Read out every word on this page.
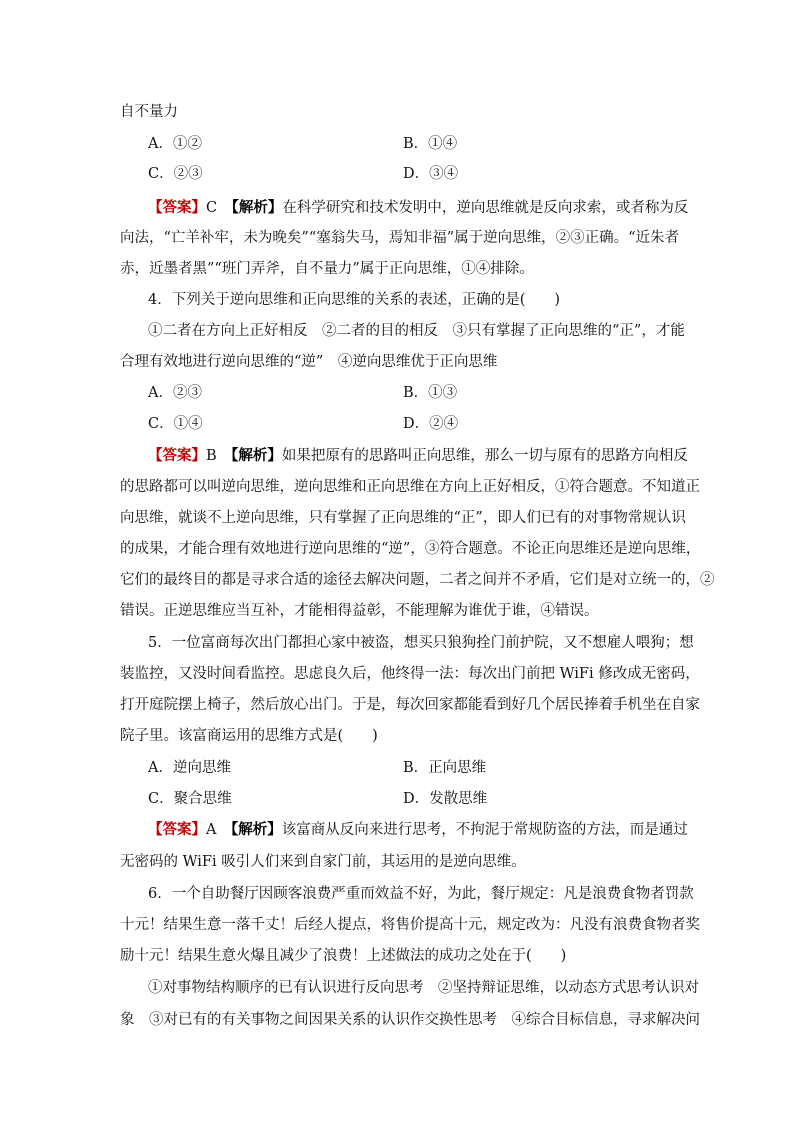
自不量力
A．①②	B．①④
C．②③	D．③④
【答案】C　 【解析】在科学研究和技术发明中，逆向思维就是反向求索，或者称为反
向法，“亡羊补牢，未为晚矣”“塞翁失马，焉知非福”属于逆向思维，②③正确。“近朱者
赤，近墨者黑”“班门弄斧，自不量力”属于正向思维，①④排除。
4．下列关于逆向思维和正向思维的关系的表述，正确的是(　　)
①二者在方向上正好相反　②二者的目的相反　③只有掌握了正向思维的“正”，才能
合理有效地进行逆向思维的“逆”　④逆向思维优于正向思维
A．②③	B．①③
C．①④	D．②④
【答案】B　 【解析】如果把原有的思路叫正向思维，那么一切与原有的思路方向相反
的思路都可以叫逆向思维，逆向思维和正向思维在方向上正好相反，①符合题意。不知道正
向思维，就谈不上逆向思维，只有掌握了正向思维的“正”，即人们已有的对事物常规认识
的成果，才能合理有效地进行逆向思维的“逆”，③符合题意。不论正向思维还是逆向思维，
它们的最终目的都是寻求合适的途径去解决问题，二者之间并不矛盾，它们是对立统一的，②
错误。正逆思维应当互补，才能相得益彰，不能理解为谁优于谁，④错误。
5．一位富商每次出门都担心家中被盗，想买只狼狗拴门前护院，又不想雇人喂狗；想
装监控，又没时间看监控。思虑良久后，他终得一法：每次出门前把 WiFi 修改成无密码，
打开庭院摆上椅子，然后放心出门。于是，每次回家都能看到好几个居民捧着手机坐在自家
院子里。该富商运用的思维方式是(　　)
A．逆向思维	B．正向思维
C．聚合思维	D．发散思维
【答案】A　 【解析】该富商从反向来进行思考，不拘泥于常规防盗的方法，而是通过
无密码的 WiFi 吸引人们来到自家门前，其运用的是逆向思维。
6．一个自助餐厅因顾客浪费严重而效益不好，为此，餐厅规定：凡是浪费食物者罚款
十元！结果生意一落千丈！后经人提点，将售价提高十元，规定改为：凡没有浪费食物者奖
励十元！结果生意火爆且减少了浪费！上述做法的成功之处在于(　　)
①对事物结构顺序的已有认识进行反向思考　②坚持辩证思维，以动态方式思考认识对
象　③对已有的有关事物之间因果关系的认识作交换性思考　④综合目标信息，寻求解决问
